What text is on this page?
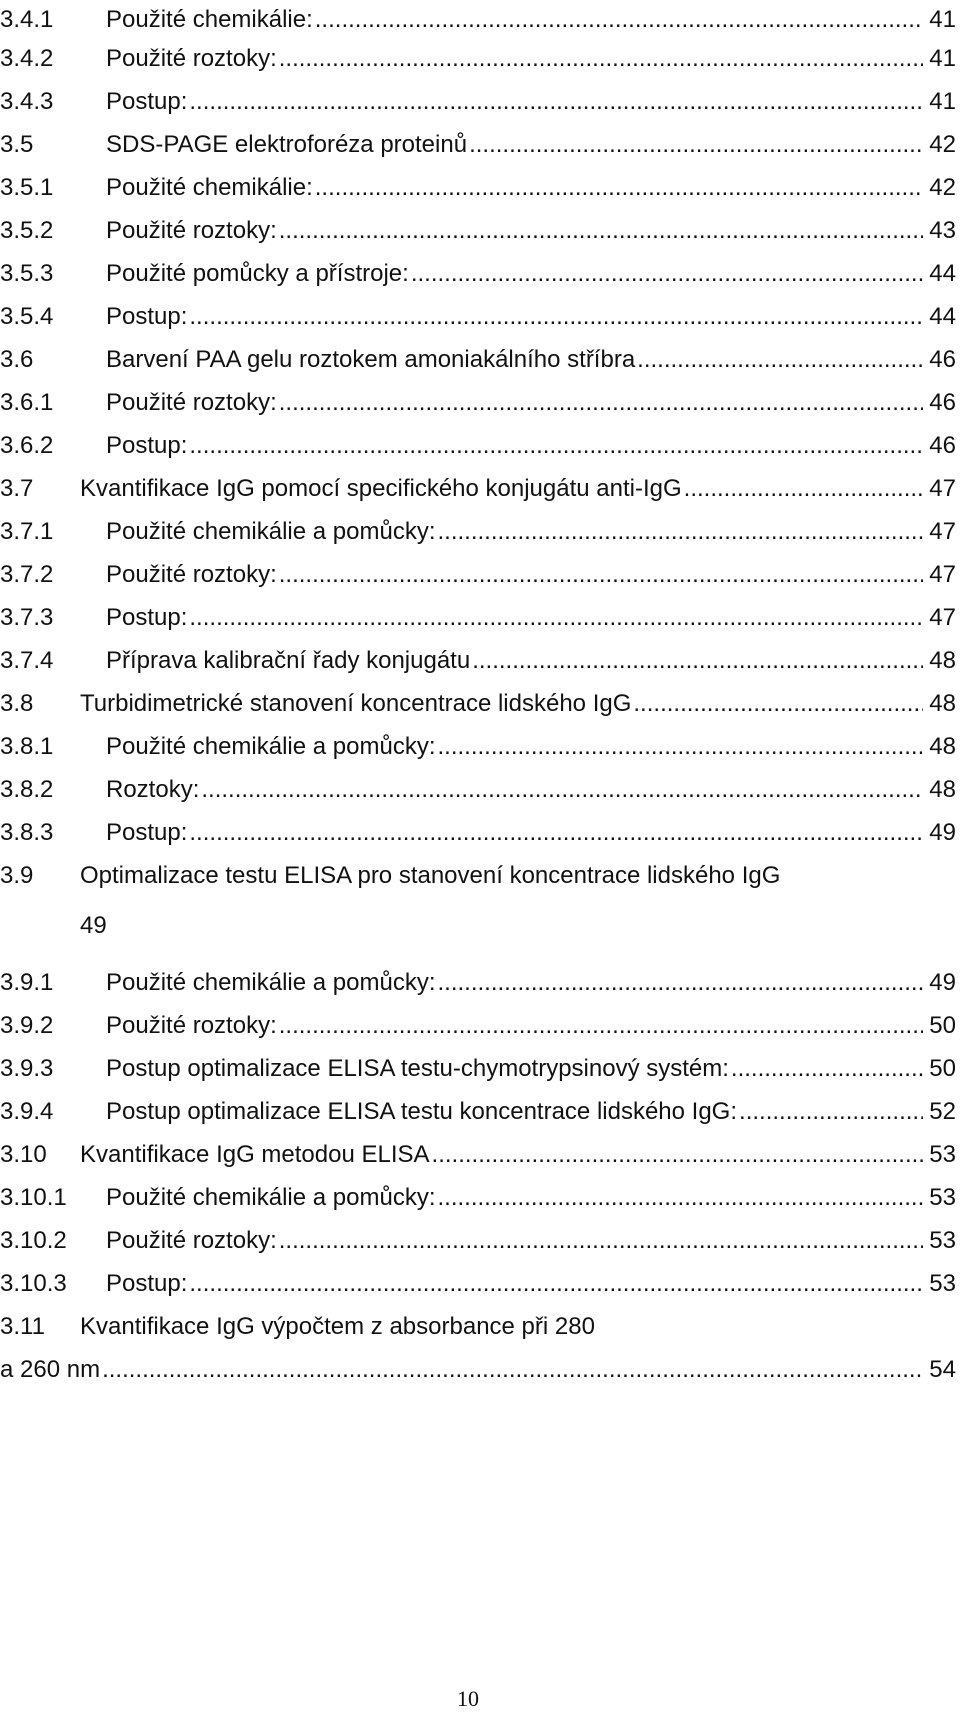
3.4.1 Použité chemikálie: .....	41
3.4.2 Použité roztoky: .....	41
3.4.3 Postup: .....	41
3.5	SDS-PAGE elektroforéza proteinů .....	42
3.5.1 Použité chemikálie: .....	42
3.5.2 Použité roztoky: .....	43
3.5.3 Použité pomůcky a přístroje: .....	44
3.5.4 Postup: .....	44
3.6	Barvení PAA gelu roztokem amoniakálního stříbra .....	46
3.6.1 Použité roztoky: .....	46
3.6.2 Postup: .....	46
3.7 Kvantifikace IgG pomocí specifického konjugátu anti-IgG .....	47
3.7.1 Použité chemikálie a pomůcky: .....	47
3.7.2 Použité roztoky: .....	47
3.7.3 Postup: .....	47
3.7.4 Příprava kalibrační řady konjugátu .....	48
3.8 Turbidimetrické stanovení koncentrace lidského IgG .....	48
3.8.1 Použité chemikálie a pomůcky: .....	48
3.8.2 Roztoky: .....	48
3.8.3 Postup: .....	49
3.9 Optimalizace testu ELISA pro stanovení koncentrace lidského IgG
49
3.9.1 Použité chemikálie a pomůcky: .....	49
3.9.2 Použité roztoky: .....	50
3.9.3 Postup optimalizace ELISA testu-chymotrypsinový systém: .....	50
3.9.4 Postup optimalizace ELISA testu koncentrace lidského IgG: .....	52
3.10 Kvantifikace IgG metodou ELISA .....	53
3.10.1 Použité chemikálie a pomůcky: .....	53
3.10.2 Použité roztoky: .....	53
3.10.3 Postup: .....	53
3.11 Kvantifikace IgG výpočtem z absorbance při 280
a 260 nm .....	54
10
